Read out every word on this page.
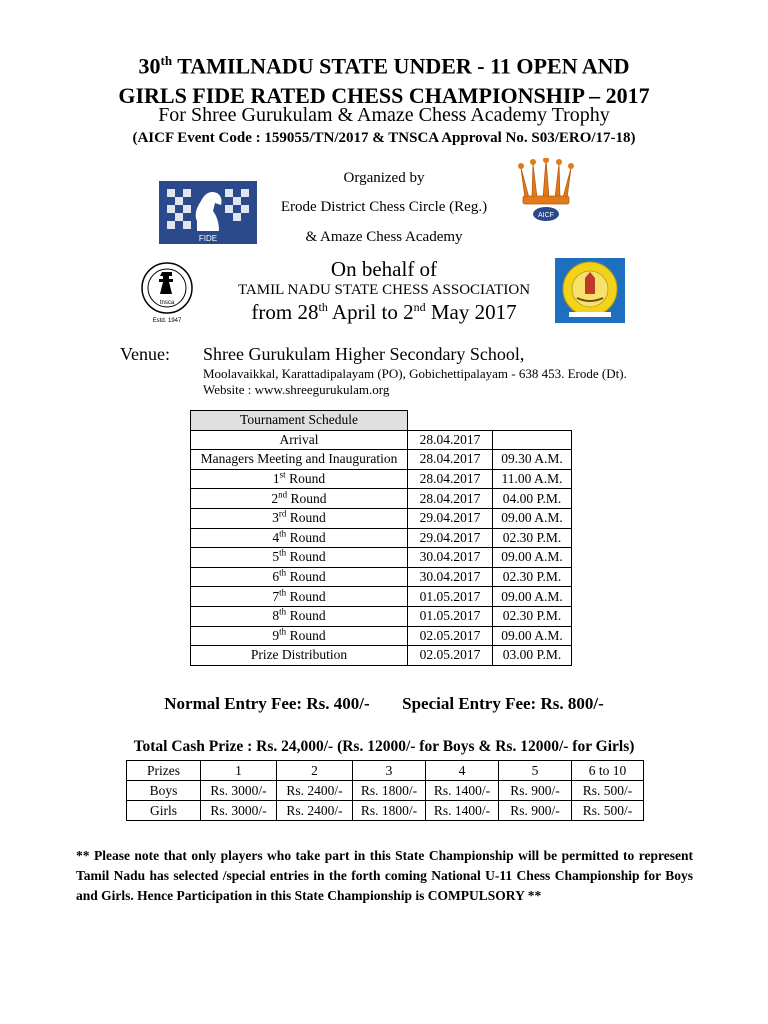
30th TAMILNADU STATE UNDER - 11 OPEN AND
GIRLS FIDE RATED CHESS CHAMPIONSHIP – 2017
For Shree Gurukulam & Amaze Chess Academy Trophy
(AICF Event Code : 159055/TN/2017 & TNSCA Approval No. S03/ERO/17-18)
FIDE
AICF
Organized by
Erode District Chess Circle (Reg.)
& Amaze Chess Academy
tnsca
Estd. 1947
On behalf of
TAMIL NADU STATE CHESS ASSOCIATION
from 28th April to 2nd May 2017
Venue: Shree Gurukulam Higher Secondary School,
Moolavaikkal, Karattadipalayam (PO), Gobichettipalayam - 638 453. Erode (Dt).
Website : www.shreegurukulam.org
Tournament Schedule		
Arrival	28.04.2017	
Managers Meeting and Inauguration	28.04.2017	09.30 A.M.
1st Round	28.04.2017	11.00 A.M.
2nd Round	28.04.2017	04.00 P.M.
3rd Round	29.04.2017	09.00 A.M.
4th Round	29.04.2017	02.30 P.M.
5th Round	30.04.2017	09.00 A.M.
6th Round	30.04.2017	02.30 P.M.
7th Round	01.05.2017	09.00 A.M.
8th Round	01.05.2017	02.30 P.M.
9th Round	02.05.2017	09.00 A.M.
Prize Distribution	02.05.2017	03.00 P.M.
Normal Entry Fee: Rs. 400/- Special Entry Fee: Rs. 800/-
Total Cash Prize : Rs. 24,000/- (Rs. 12000/- for Boys & Rs. 12000/- for Girls)
Prizes	1	2	3	4	5	6 to 10
Boys	Rs. 3000/-	Rs. 2400/-	Rs. 1800/-	Rs. 1400/-	Rs. 900/-	Rs. 500/-
Girls	Rs. 3000/-	Rs. 2400/-	Rs. 1800/-	Rs. 1400/-	Rs. 900/-	Rs. 500/-
** Please note that only players who take part in this State Championship will be permitted to represent Tamil Nadu has selected /special entries in the forth coming National U-11 Chess Championship for Boys and Girls. Hence Participation in this State Championship is COMPULSORY **
